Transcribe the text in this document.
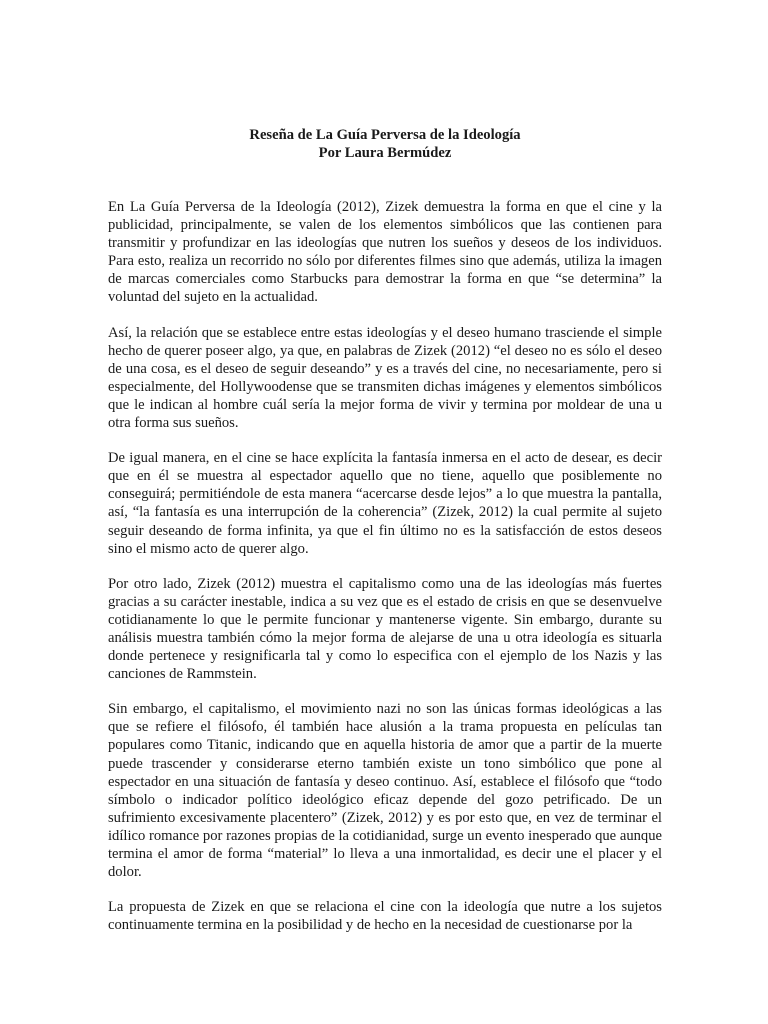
Reseña de La Guía Perversa de la Ideología
Por Laura Bermúdez

En La Guía Perversa de la Ideología (2012), Zizek demuestra la forma en que el cine y la publicidad, principalmente, se valen de los elementos simbólicos que las contienen para transmitir y profundizar en las ideologías que nutren los sueños y deseos de los individuos. Para esto, realiza un recorrido no sólo por diferentes filmes sino que además, utiliza la imagen de marcas comerciales como Starbucks para demostrar la forma en que “se determina” la voluntad del sujeto en la actualidad.

Así, la relación que se establece entre estas ideologías y el deseo humano trasciende el simple hecho de querer poseer algo, ya que, en palabras de Zizek (2012) “el deseo no es sólo el deseo de una cosa, es el deseo de seguir deseando” y es a través del cine, no necesariamente, pero si especialmente, del Hollywoodense que se transmiten dichas imágenes y elementos simbólicos que le indican al hombre cuál sería la mejor forma de vivir y termina por moldear de una u otra forma sus sueños.

De igual manera, en el cine se hace explícita la fantasía inmersa en el acto de desear, es decir que en él se muestra al espectador aquello que no tiene, aquello que posiblemente no conseguirá; permitiéndole de esta manera “acercarse desde lejos” a lo que muestra la pantalla, así, “la fantasía es una interrupción de la coherencia” (Zizek, 2012) la cual permite al sujeto seguir deseando de forma infinita, ya que el fin último no es la satisfacción de estos deseos sino el mismo acto de querer algo.

Por otro lado, Zizek (2012) muestra el capitalismo como una de las ideologías más fuertes gracias a su carácter inestable, indica a su vez que es el estado de crisis en que se desenvuelve cotidianamente lo que le permite funcionar y mantenerse vigente. Sin embargo, durante su análisis muestra también cómo la mejor forma de alejarse de una u otra ideología es situarla donde pertenece y resignificarla tal y como lo especifica con el ejemplo de los Nazis y las canciones de Rammstein.

Sin embargo, el capitalismo, el movimiento nazi no son las únicas formas ideológicas a las que se refiere el filósofo, él también hace alusión a la trama propuesta en películas tan populares como Titanic, indicando que en aquella historia de amor que a partir de la muerte puede trascender y considerarse eterno también existe un tono simbólico que pone al espectador en una situación de fantasía y deseo continuo. Así, establece el filósofo que “todo símbolo o indicador político ideológico eficaz depende del gozo petrificado. De un sufrimiento excesivamente placentero” (Zizek, 2012) y es por esto que, en vez de terminar el idílico romance por razones propias de la cotidianidad, surge un evento inesperado que aunque termina el amor de forma “material” lo lleva a una inmortalidad, es decir une el placer y el dolor.

La propuesta de Zizek en que se relaciona el cine con la ideología que nutre a los sujetos continuamente termina en la posibilidad y de hecho en la necesidad de cuestionarse por la
